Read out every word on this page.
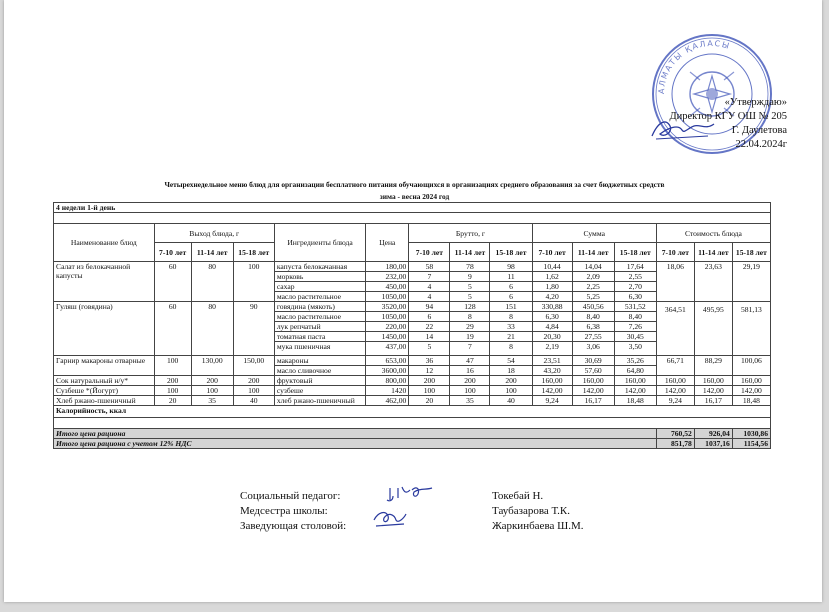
АЛМАТЫ ҚАЛАСЫ
«Утверждаю»
Директор КГУ ОШ № 205
Г. Даулетова
22.04.2024г
Четырехнедельное меню блюд для организации бесплатного питания обучающихся в организациях среднего образования за счет бюджетных средств
зима - весна 2024 год
4 недели 1-й день														

Наименование блюд	Выход блюда, г			Ингредиенты блюда	Цена	Брутто, г			Сумма			Стоимость блюда		
	7-10 лет	11-14 лет	15-18 лет			7-10 лет	11-14 лет	15-18 лет	7-10 лет	11-14 лет	15-18 лет	7-10 лет	11-14 лет	15-18 лет
Салат из белокачанной капусты	60	80	100	капуста белокачанная	180,00	58	78	98	10,44	14,04	17,64	18,06	23,63	29,19
				морковь	232,00	7	9	11	1,62	2,09	2,55			
				сахар	450,00	4	5	6	1,80	2,25	2,70			
				масло растительное	1050,00	4	5	6	4,20	5,25	6,30			
Гуляш (говядина)	60	80	90	говядина (мякоть)	3520,00	94	128	151	330,88	450,56	531,52	364,51	495,95	581,13
				масло растительное	1050,00	6	8	8	6,30	8,40	8,40			
				лук репчатый	220,00	22	29	33	4,84	6,38	7,26			
				томатная паста	1450,00	14	19	21	20,30	27,55	30,45			
				мука пшеничная	437,00	5	7	8	2,19	3,06	3,50			
Гарнир макароны отварные	100	130,00	150,00	макароны	653,00	36	47	54	23,51	30,69	35,26	66,71	88,29	100,06
				масло сливочное	3600,00	12	16	18	43,20	57,60	64,80			
Сок натуральный н/у*	200	200	200	фруктовый	800,00	200	200	200	160,00	160,00	160,00	160,00	160,00	160,00
Сузбеше *(Йогурт)	100	100	100	сузбеше	1420	100	100	100	142,00	142,00	142,00	142,00	142,00	142,00
Хлеб ржано-пшеничный	20	35	40	хлеб ржано-пшеничный	462,00	20	35	40	9,24	16,17	18,48	9,24	16,17	18,48
Калорийность, ккал														

Итого цена рациона												760,52	926,04	1030,86
Итого цена рациона с учетом 12% НДС												851,78	1037,16	1154,56
Социальный педагог:	Токебай Н.
Медсестра школы:	Таубазарова Т.К.
Заведующая столовой:	Жаркинбаева Ш.М.
